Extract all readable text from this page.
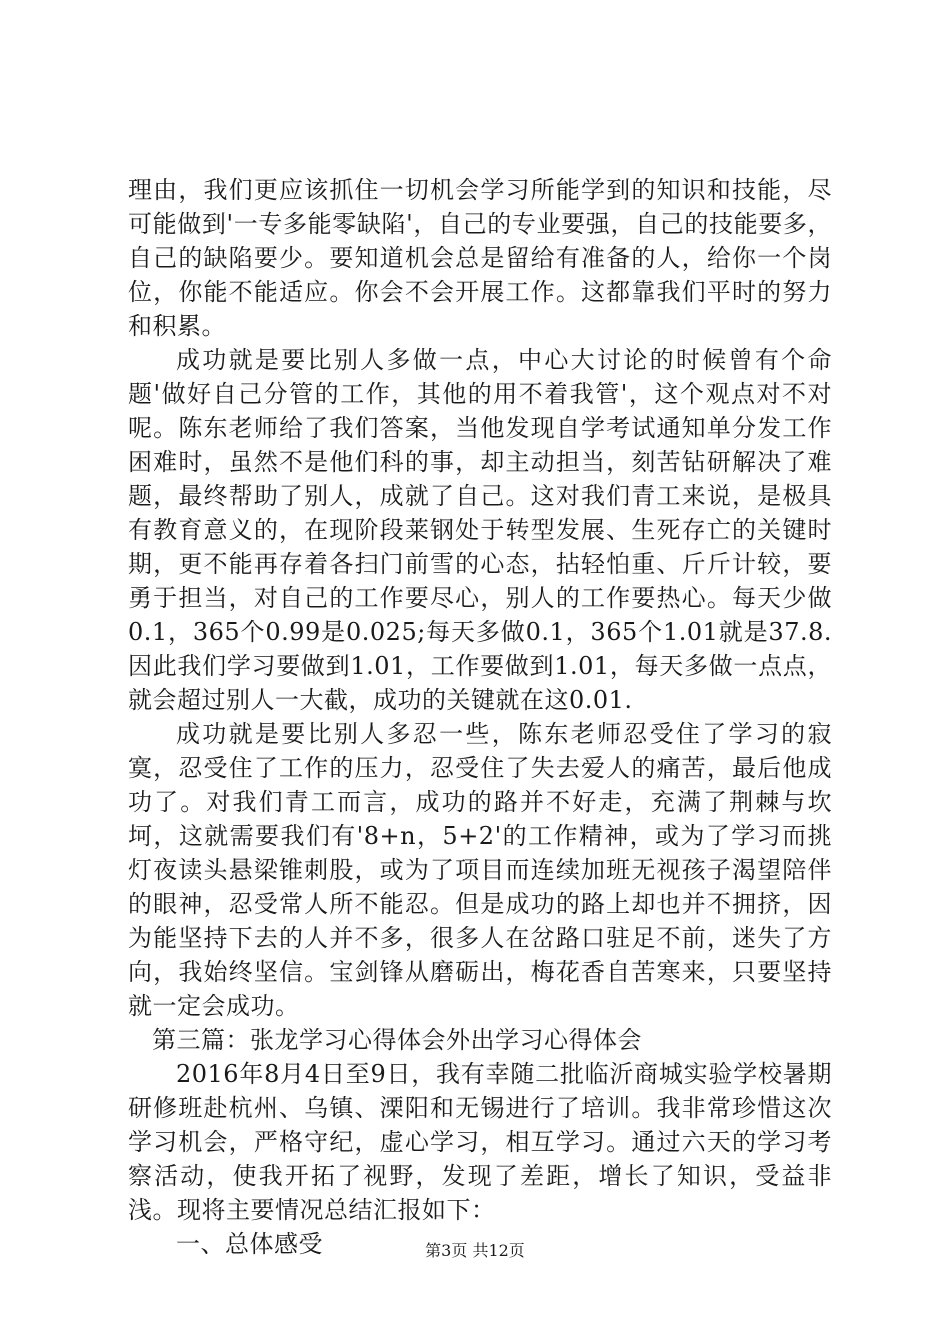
理由，我们更应该抓住一切机会学习所能学到的知识和技能，尽可能做到'一专多能零缺陷'，自己的专业要强，自己的技能要多，自己的缺陷要少。要知道机会总是留给有准备的人，给你一个岗位，你能不能适应。你会不会开展工作。这都靠我们平时的努力和积累。

成功就是要比别人多做一点，中心大讨论的时候曾有个命题'做好自己分管的工作，其他的用不着我管'，这个观点对不对呢。陈东老师给了我们答案，当他发现自学考试通知单分发工作困难时，虽然不是他们科的事，却主动担当，刻苦钻研解决了难题，最终帮助了别人，成就了自己。这对我们青工来说，是极具有教育意义的，在现阶段莱钢处于转型发展、生死存亡的关键时期，更不能再存着各扫门前雪的心态，拈轻怕重、斤斤计较，要勇于担当，对自己的工作要尽心，别人的工作要热心。每天少做0.1，365个0.99是0.025;每天多做0.1，365个1.01就是37.8.因此我们学习要做到1.01，工作要做到1.01，每天多做一点点，就会超过别人一大截，成功的关键就在这0.01.

成功就是要比别人多忍一些，陈东老师忍受住了学习的寂寞，忍受住了工作的压力，忍受住了失去爱人的痛苦，最后他成功了。对我们青工而言，成功的路并不好走，充满了荆棘与坎坷，这就需要我们有'8+n，5+2'的工作精神，或为了学习而挑灯夜读头悬梁锥刺股，或为了项目而连续加班无视孩子渴望陪伴的眼神，忍受常人所不能忍。但是成功的路上却也并不拥挤，因为能坚持下去的人并不多，很多人在岔路口驻足不前，迷失了方向，我始终坚信。宝剑锋从磨砺出，梅花香自苦寒来，只要坚持就一定会成功。

第三篇：张龙学习心得体会外出学习心得体会

2016年8月4日至9日，我有幸随二批临沂商城实验学校暑期研修班赴杭州、乌镇、溧阳和无锡进行了培训。我非常珍惜这次学习机会，严格守纪，虚心学习，相互学习。通过六天的学习考察活动，使我开拓了视野，发现了差距，增长了知识，受益非浅。现将主要情况总结汇报如下：

一、总体感受	第3页 共12页
